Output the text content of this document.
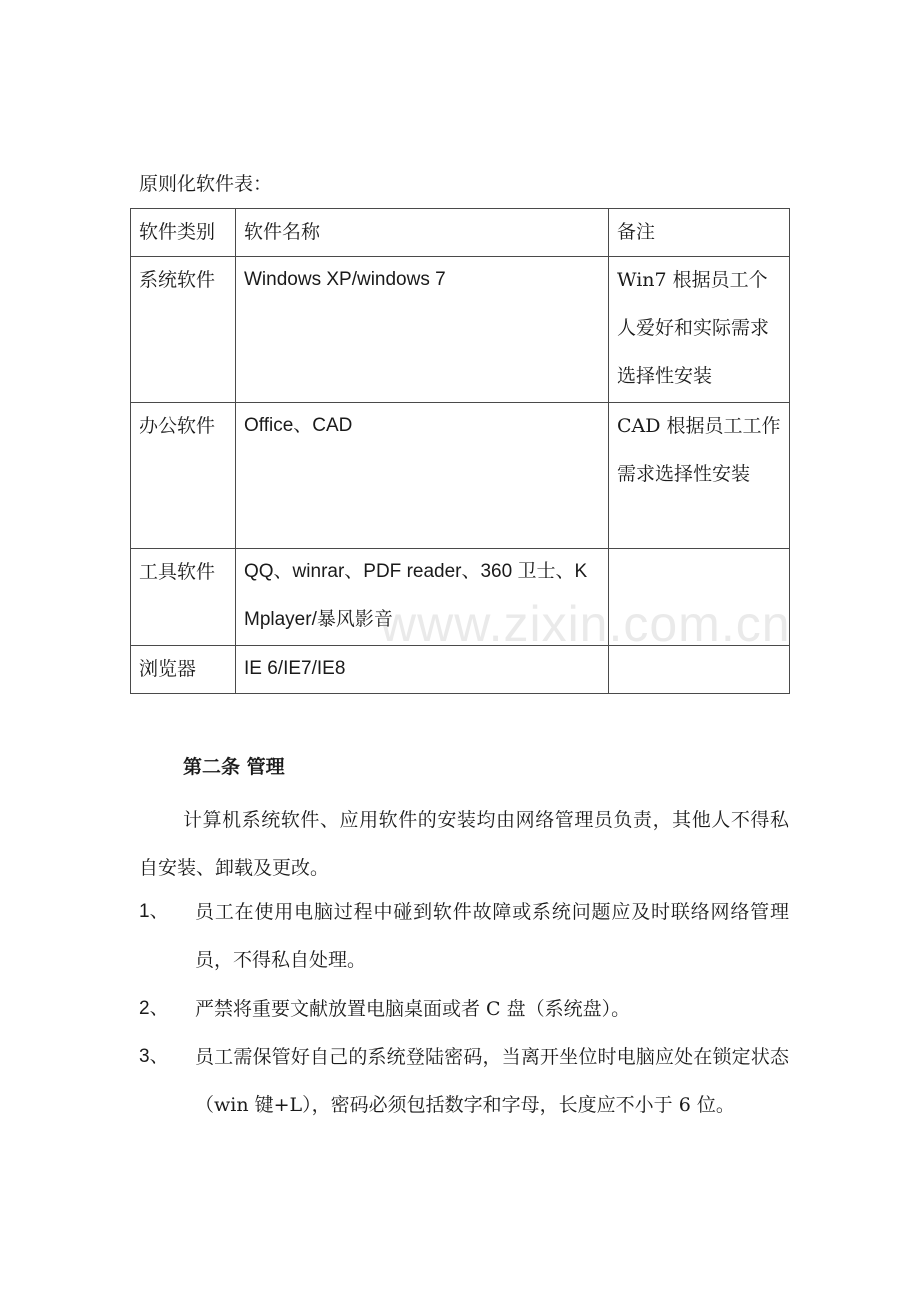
原则化软件表：

软件类别	软件名称	备注

系统软件	Windows XP/windows 7	Win7 根据员工个人爱好和实际需求选择性安装

办公软件	Office、CAD	CAD 根据员工工作需求选择性安装

工具软件	QQ、winrar、PDF reader、360 卫士、KMplayer/暴风影音	

浏览器	IE 6/IE7/IE8	

www.zixin.com.cn
第二条 管理

计算机系统软件、应用软件的安装均由网络管理员负责，其他人不得私自安装、卸载及更改。

1、 员工在使用电脑过程中碰到软件故障或系统问题应及时联络网络管理员，不得私自处理。
2、 严禁将重要文献放置电脑桌面或者 C 盘（系统盘）。
3、 员工需保管好自己的系统登陆密码，当离开坐位时电脑应处在锁定状态（win 键+L），密码必须包括数字和字母，长度应不小于 6 位。
